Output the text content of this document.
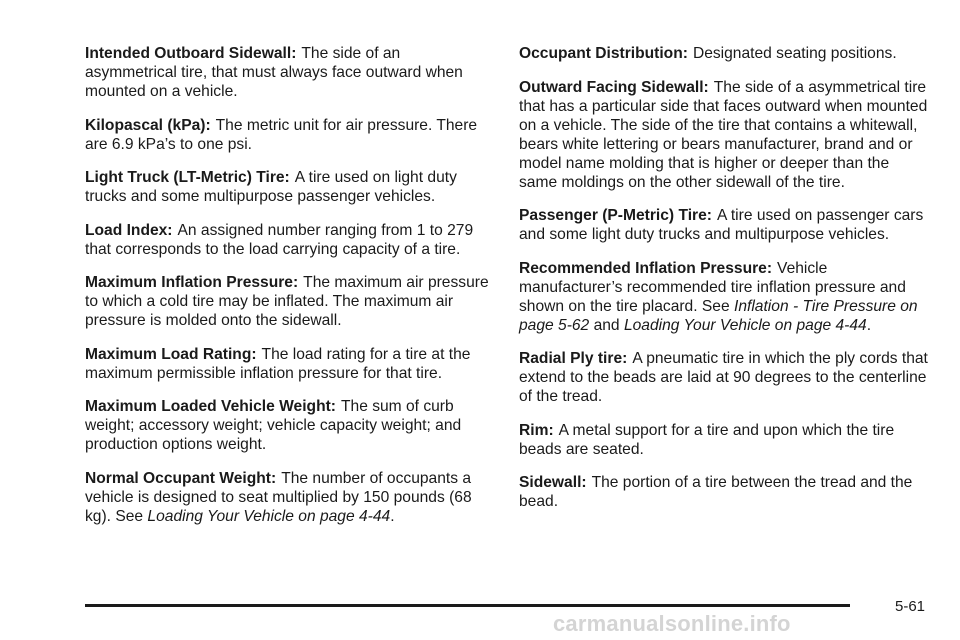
Intended Outboard Sidewall: The side of an asymmetrical tire, that must always face outward when mounted on a vehicle.

Kilopascal (kPa): The metric unit for air pressure. There are 6.9 kPa’s to one psi.

Light Truck (LT-Metric) Tire: A tire used on light duty trucks and some multipurpose passenger vehicles.

Load Index: An assigned number ranging from 1 to 279 that corresponds to the load carrying capacity of a tire.

Maximum Inflation Pressure: The maximum air pressure to which a cold tire may be inflated. The maximum air pressure is molded onto the sidewall.

Maximum Load Rating: The load rating for a tire at the maximum permissible inflation pressure for that tire.

Maximum Loaded Vehicle Weight: The sum of curb weight; accessory weight; vehicle capacity weight; and production options weight.

Normal Occupant Weight: The number of occupants a vehicle is designed to seat multiplied by 150 pounds (68 kg). See Loading Your Vehicle on page 4-44.

Occupant Distribution: Designated seating positions.

Outward Facing Sidewall: The side of a asymmetrical tire that has a particular side that faces outward when mounted on a vehicle. The side of the tire that contains a whitewall, bears white lettering or bears manufacturer, brand and or model name molding that is higher or deeper than the same moldings on the other sidewall of the tire.

Passenger (P-Metric) Tire: A tire used on passenger cars and some light duty trucks and multipurpose vehicles.

Recommended Inflation Pressure: Vehicle manufacturer’s recommended tire inflation pressure and shown on the tire placard. See Inflation - Tire Pressure on page 5-62 and Loading Your Vehicle on page 4-44.

Radial Ply tire: A pneumatic tire in which the ply cords that extend to the beads are laid at 90 degrees to the centerline of the tread.

Rim: A metal support for a tire and upon which the tire beads are seated.

Sidewall: The portion of a tire between the tread and the bead.

5-61
carmanualsonline.info
